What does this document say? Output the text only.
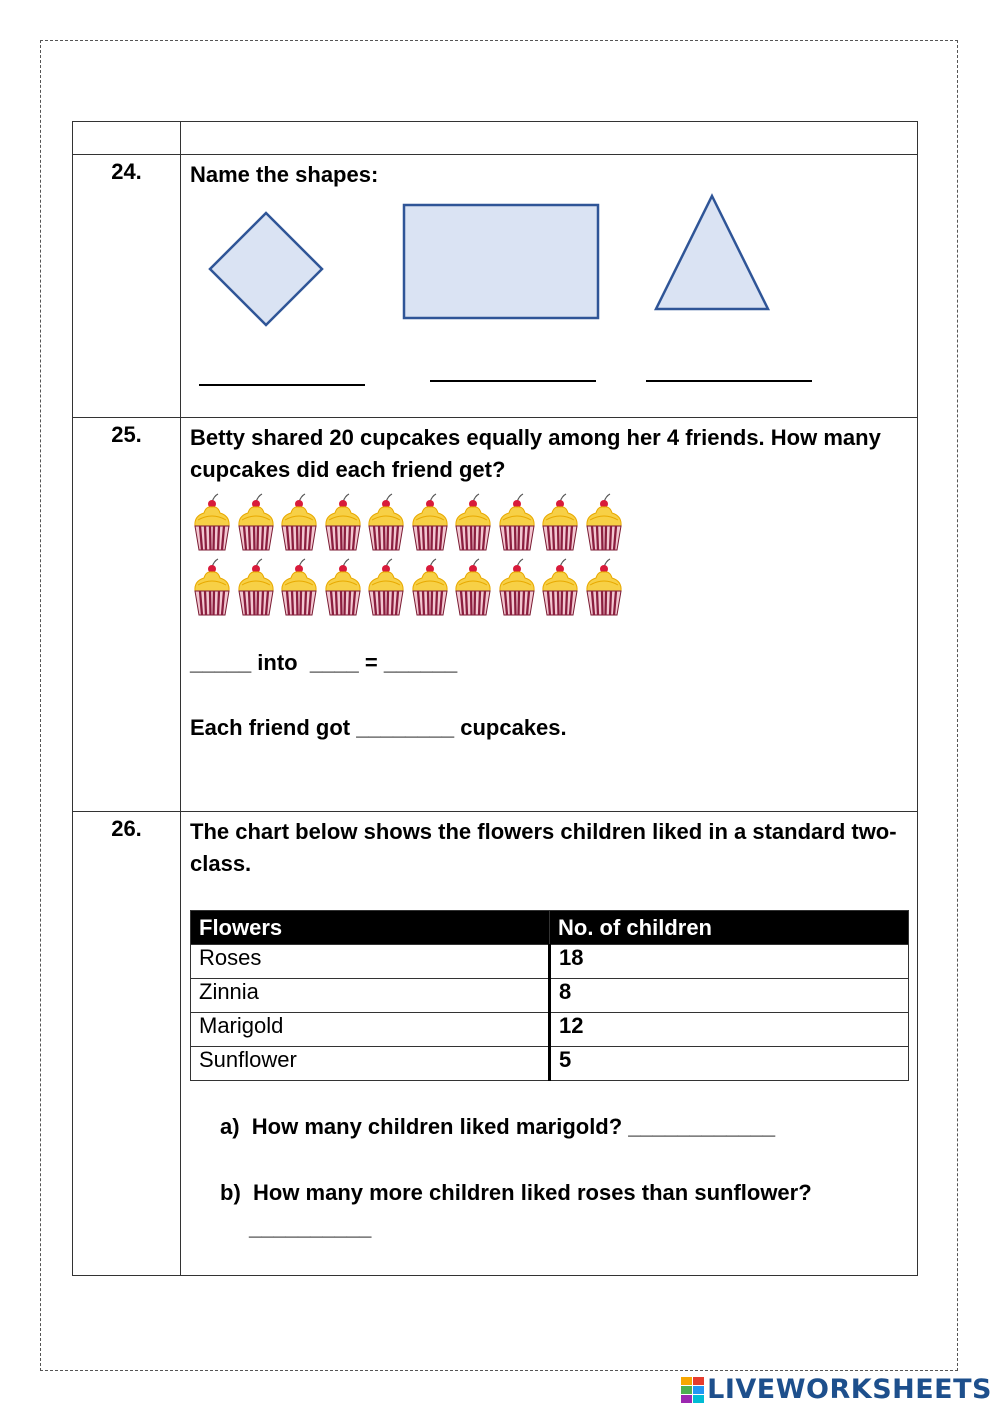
24.	Name the shapes:

25.	Betty shared 20 cupcakes equally among her 4 friends. How many cupcakes did each friend get?

_____ into  ____ = ______
Each friend got ________ cupcakes.

26.	The chart below shows the flowers children liked in a standard two-class.

Flowers	No. of children
Roses	18
Zinnia	8
Marigold	12
Sunflower	5
a)  How many children liked marigold? ____________
b)  How many more children liked roses than sunflower?
__________
LIVEWORKSHEETS
